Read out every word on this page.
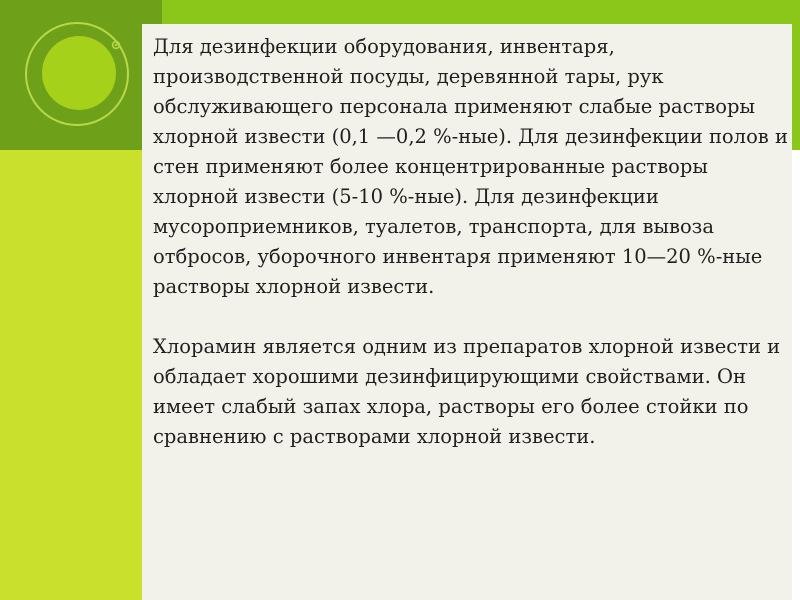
Для дезинфекции оборудования, инвентаря, производственной посуды, деревянной тары, рук обслуживающего персонала применяют слабые растворы хлорной извести (0,1 —0,2 %-ные). Для дезинфекции полов и стен применяют более концентрированные растворы хлорной извести (5-10 %-ные). Для дезинфекции мусороприемников, туалетов, транспорта, для вывоза отбросов, уборочного инвентаря применяют 10—20 %-ные растворы хлорной извести.

Хлорамин является одним из препаратов хлорной извести и обладает хорошими дезинфицирующими свойствами. Он имеет слабый запах хлора, растворы его более стойки по сравнению с растворами хлорной извести.
